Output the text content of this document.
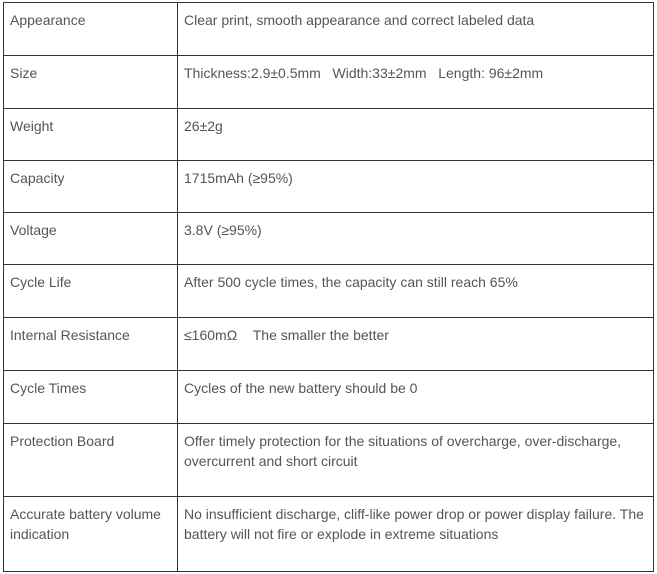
Appearance	Clear print, smooth appearance and correct labeled data
Size	Thickness:2.9±0.5mm   Width:33±2mm   Length: 96±2mm
Weight	26±2g
Capacity	1715mAh (≥95%)
Voltage	3.8V (≥95%)
Cycle Life	After 500 cycle times, the capacity can still reach 65%
Internal Resistance	≤160mΩ    The smaller the better
Cycle Times	Cycles of the new battery should be 0
Protection Board	Offer timely protection for the situations of overcharge, over-discharge, overcurrent and short circuit
Accurate battery volume indication	No insufficient discharge, cliff-like power drop or power display failure. The battery will not fire or explode in extreme situations
